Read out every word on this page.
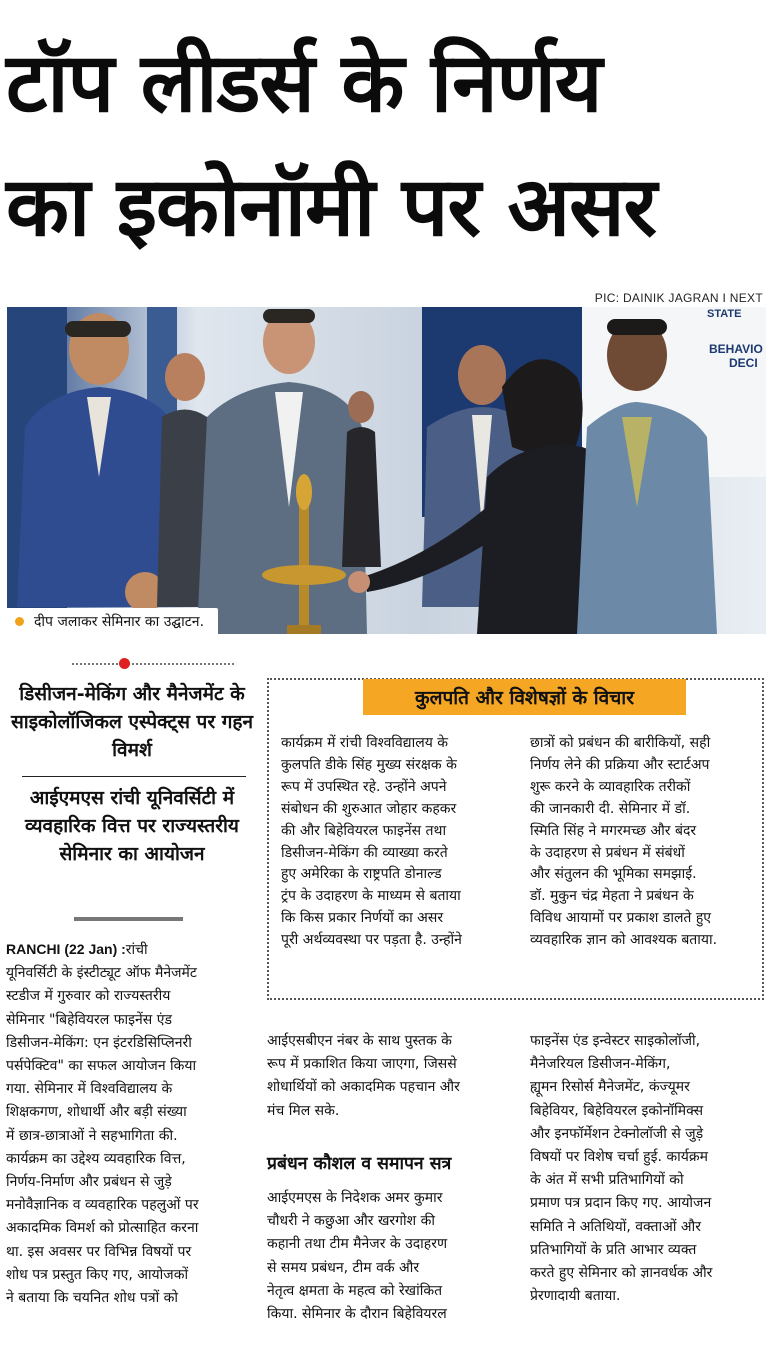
टॉप लीडर्स के निर्णय
का इकोनॉमी पर असर
PIC: DAINIK JAGRAN I NEXT
STATE
BEHAVIO
DECI
दीप जलाकर सेमिनार का उद्घाटन.
डिसीजन-मेकिंग और मैनेजमेंट के साइकोलॉजिकल एस्पेक्ट्स पर गहन विमर्श
आईएमएस रांची यूनिवर्सिटी में व्यवहारिक वित्त पर राज्यस्तरीय सेमिनार का आयोजन
कुलपति और विशेषज्ञों के विचार
कार्यक्रम में रांची विश्वविद्यालय के
कुलपति डीके सिंह मुख्य संरक्षक के
रूप में उपस्थित रहे. उन्होंने अपने
संबोधन की शुरुआत जोहार कहकर
की और बिहेवियरल फाइनेंस तथा
डिसीजन-मेकिंग की व्याख्या करते
हुए अमेरिका के राष्ट्रपति डोनाल्ड
ट्रंप के उदाहरण के माध्यम से बताया
कि किस प्रकार निर्णयों का असर
पूरी अर्थव्यवस्था पर पड़ता है. उन्होंने
छात्रों को प्रबंधन की बारीकियों, सही
निर्णय लेने की प्रक्रिया और स्टार्टअप
शुरू करने के व्यावहारिक तरीकों
की जानकारी दी. सेमिनार में डॉ.
स्मिति सिंह ने मगरमच्छ और बंदर
के उदाहरण से प्रबंधन में संबंधों
और संतुलन की भूमिका समझाई.
डॉ. मुकुन चंद्र मेहता ने प्रबंधन के
विविध आयामों पर प्रकाश डालते हुए
व्यवहारिक ज्ञान को आवश्यक बताया.

RANCHI (22 Jan) :रांची

यूनिवर्सिटी के इंस्टीट्यूट ऑफ मैनेजमेंट

स्टडीज में गुरुवार को राज्यस्तरीय

सेमिनार "बिहेवियरल फाइनेंस एंड

डिसीजन-मेकिंग: एन इंटरडिसिप्लिनरी

पर्सपेक्टिव" का सफल आयोजन किया

गया. सेमिनार में विश्वविद्यालय के

शिक्षकगण, शोधार्थी और बड़ी संख्या

में छात्र-छात्राओं ने सहभागिता की.

कार्यक्रम का उद्देश्य व्यवहारिक वित्त,

निर्णय-निर्माण और प्रबंधन से जुड़े

मनोवैज्ञानिक व व्यवहारिक पहलुओं पर

अकादमिक विमर्श को प्रोत्साहित करना

था. इस अवसर पर विभिन्न विषयों पर

शोध पत्र प्रस्तुत किए गए, आयोजकों

ने बताया कि चयनित शोध पत्रों को

आईएसबीएन नंबर के साथ पुस्तक के

रूप में प्रकाशित किया जाएगा, जिससे

शोधार्थियों को अकादमिक पहचान और

मंच मिल सके.

प्रबंधन कौशल व समापन सत्र

आईएमएस के निदेशक अमर कुमार

चौधरी ने कछुआ और खरगोश की

कहानी तथा टीम मैनेजर के उदाहरण

से समय प्रबंधन, टीम वर्क और

नेतृत्व क्षमता के महत्व को रेखांकित

किया. सेमिनार के दौरान बिहेवियरल

फाइनेंस एंड इन्वेस्टर साइकोलॉजी,

मैनेजरियल डिसीजन-मेकिंग,

ह्यूमन रिसोर्स मैनेजमेंट, कंज्यूमर

बिहेवियर, बिहेवियरल इकोनॉमिक्स

और इनफॉर्मेशन टेक्नोलॉजी से जुड़े

विषयों पर विशेष चर्चा हुई. कार्यक्रम

के अंत में सभी प्रतिभागियों को

प्रमाण पत्र प्रदान किए गए. आयोजन

समिति ने अतिथियों, वक्ताओं और

प्रतिभागियों के प्रति आभार व्यक्त

करते हुए सेमिनार को ज्ञानवर्धक और

प्रेरणादायी बताया.
